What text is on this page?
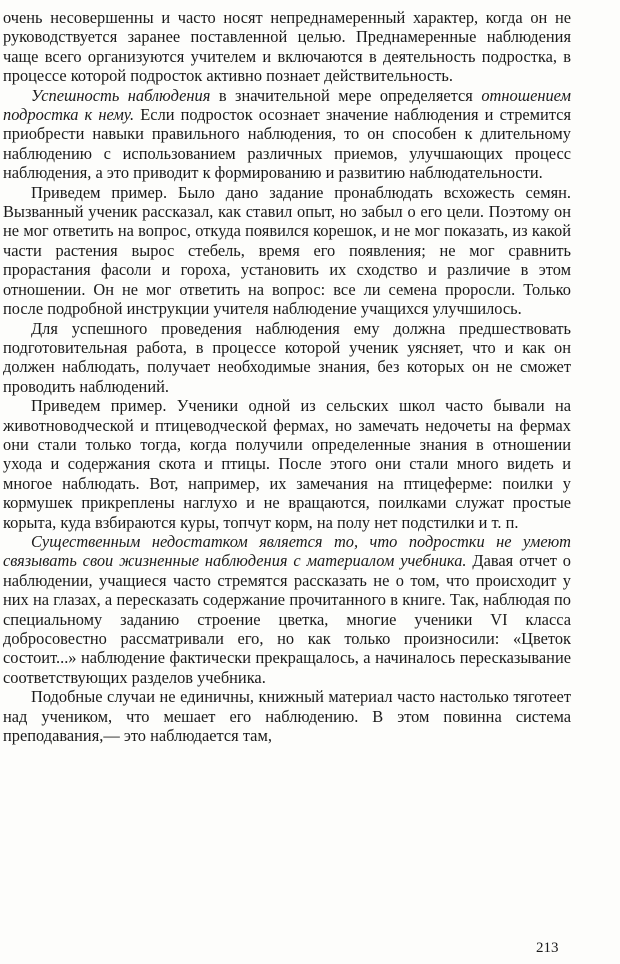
очень несовершенны и часто носят непреднамеренный характер, когда он не руководствуется заранее поставленной целью. Преднамеренные наблюдения чаще всего организуются учителем и включаются в деятельность подростка, в процессе которой подросток активно познает действительность.

Успешность наблюдения в значительной мере определяется отношением подростка к нему. Если подросток осознает значение наблюдения и стремится приобрести навыки правильного наблюдения, то он способен к длительному наблюдению с использованием различных приемов, улучшающих процесс наблюдения, а это приводит к формированию и развитию наблюдательности.

Приведем пример. Было дано задание пронаблюдать всхожесть семян. Вызванный ученик рассказал, как ставил опыт, но забыл о его цели. Поэтому он не мог ответить на вопрос, откуда появился корешок, и не мог показать, из какой части растения вырос стебель, время его появления; не мог сравнить прорастания фасоли и гороха, установить их сходство и различие в этом отношении. Он не мог ответить на вопрос: все ли семена проросли. Только после подробной инструкции учителя наблюдение учащихся улучшилось.

Для успешного проведения наблюдения ему должна предшествовать подготовительная работа, в процессе которой ученик уясняет, что и как он должен наблюдать, получает необходимые знания, без которых он не сможет проводить наблюдений.

Приведем пример. Ученики одной из сельских школ часто бывали на животноводческой и птицеводческой фермах, но замечать недочеты на фермах они стали только тогда, когда получили определенные знания в отношении ухода и содержания скота и птицы. После этого они стали много видеть и многое наблюдать. Вот, например, их замечания на птицеферме: поилки у кормушек прикреплены наглухо и не вращаются, поилками служат простые корыта, куда взбираются куры, топчут корм, на полу нет подстилки и т. п.

Существенным недостатком является то, что подростки не умеют связывать свои жизненные наблюдения с материалом учебника. Давая отчет о наблюдении, учащиеся часто стремятся рассказать не о том, что происходит у них на глазах, а пересказать содержание прочитанного в книге. Так, наблюдая по специальному заданию строение цветка, многие ученики VI класса добросовестно рассматривали его, но как только произносили: «Цветок состоит...» наблюдение фактически прекращалось, а начиналось пересказывание соответствующих разделов учебника.

Подобные случаи не единичны, книжный материал часто настолько тяготеет над учеником, что мешает его наблюдению. В этом повинна система преподавания,— это наблюдается там,

213
